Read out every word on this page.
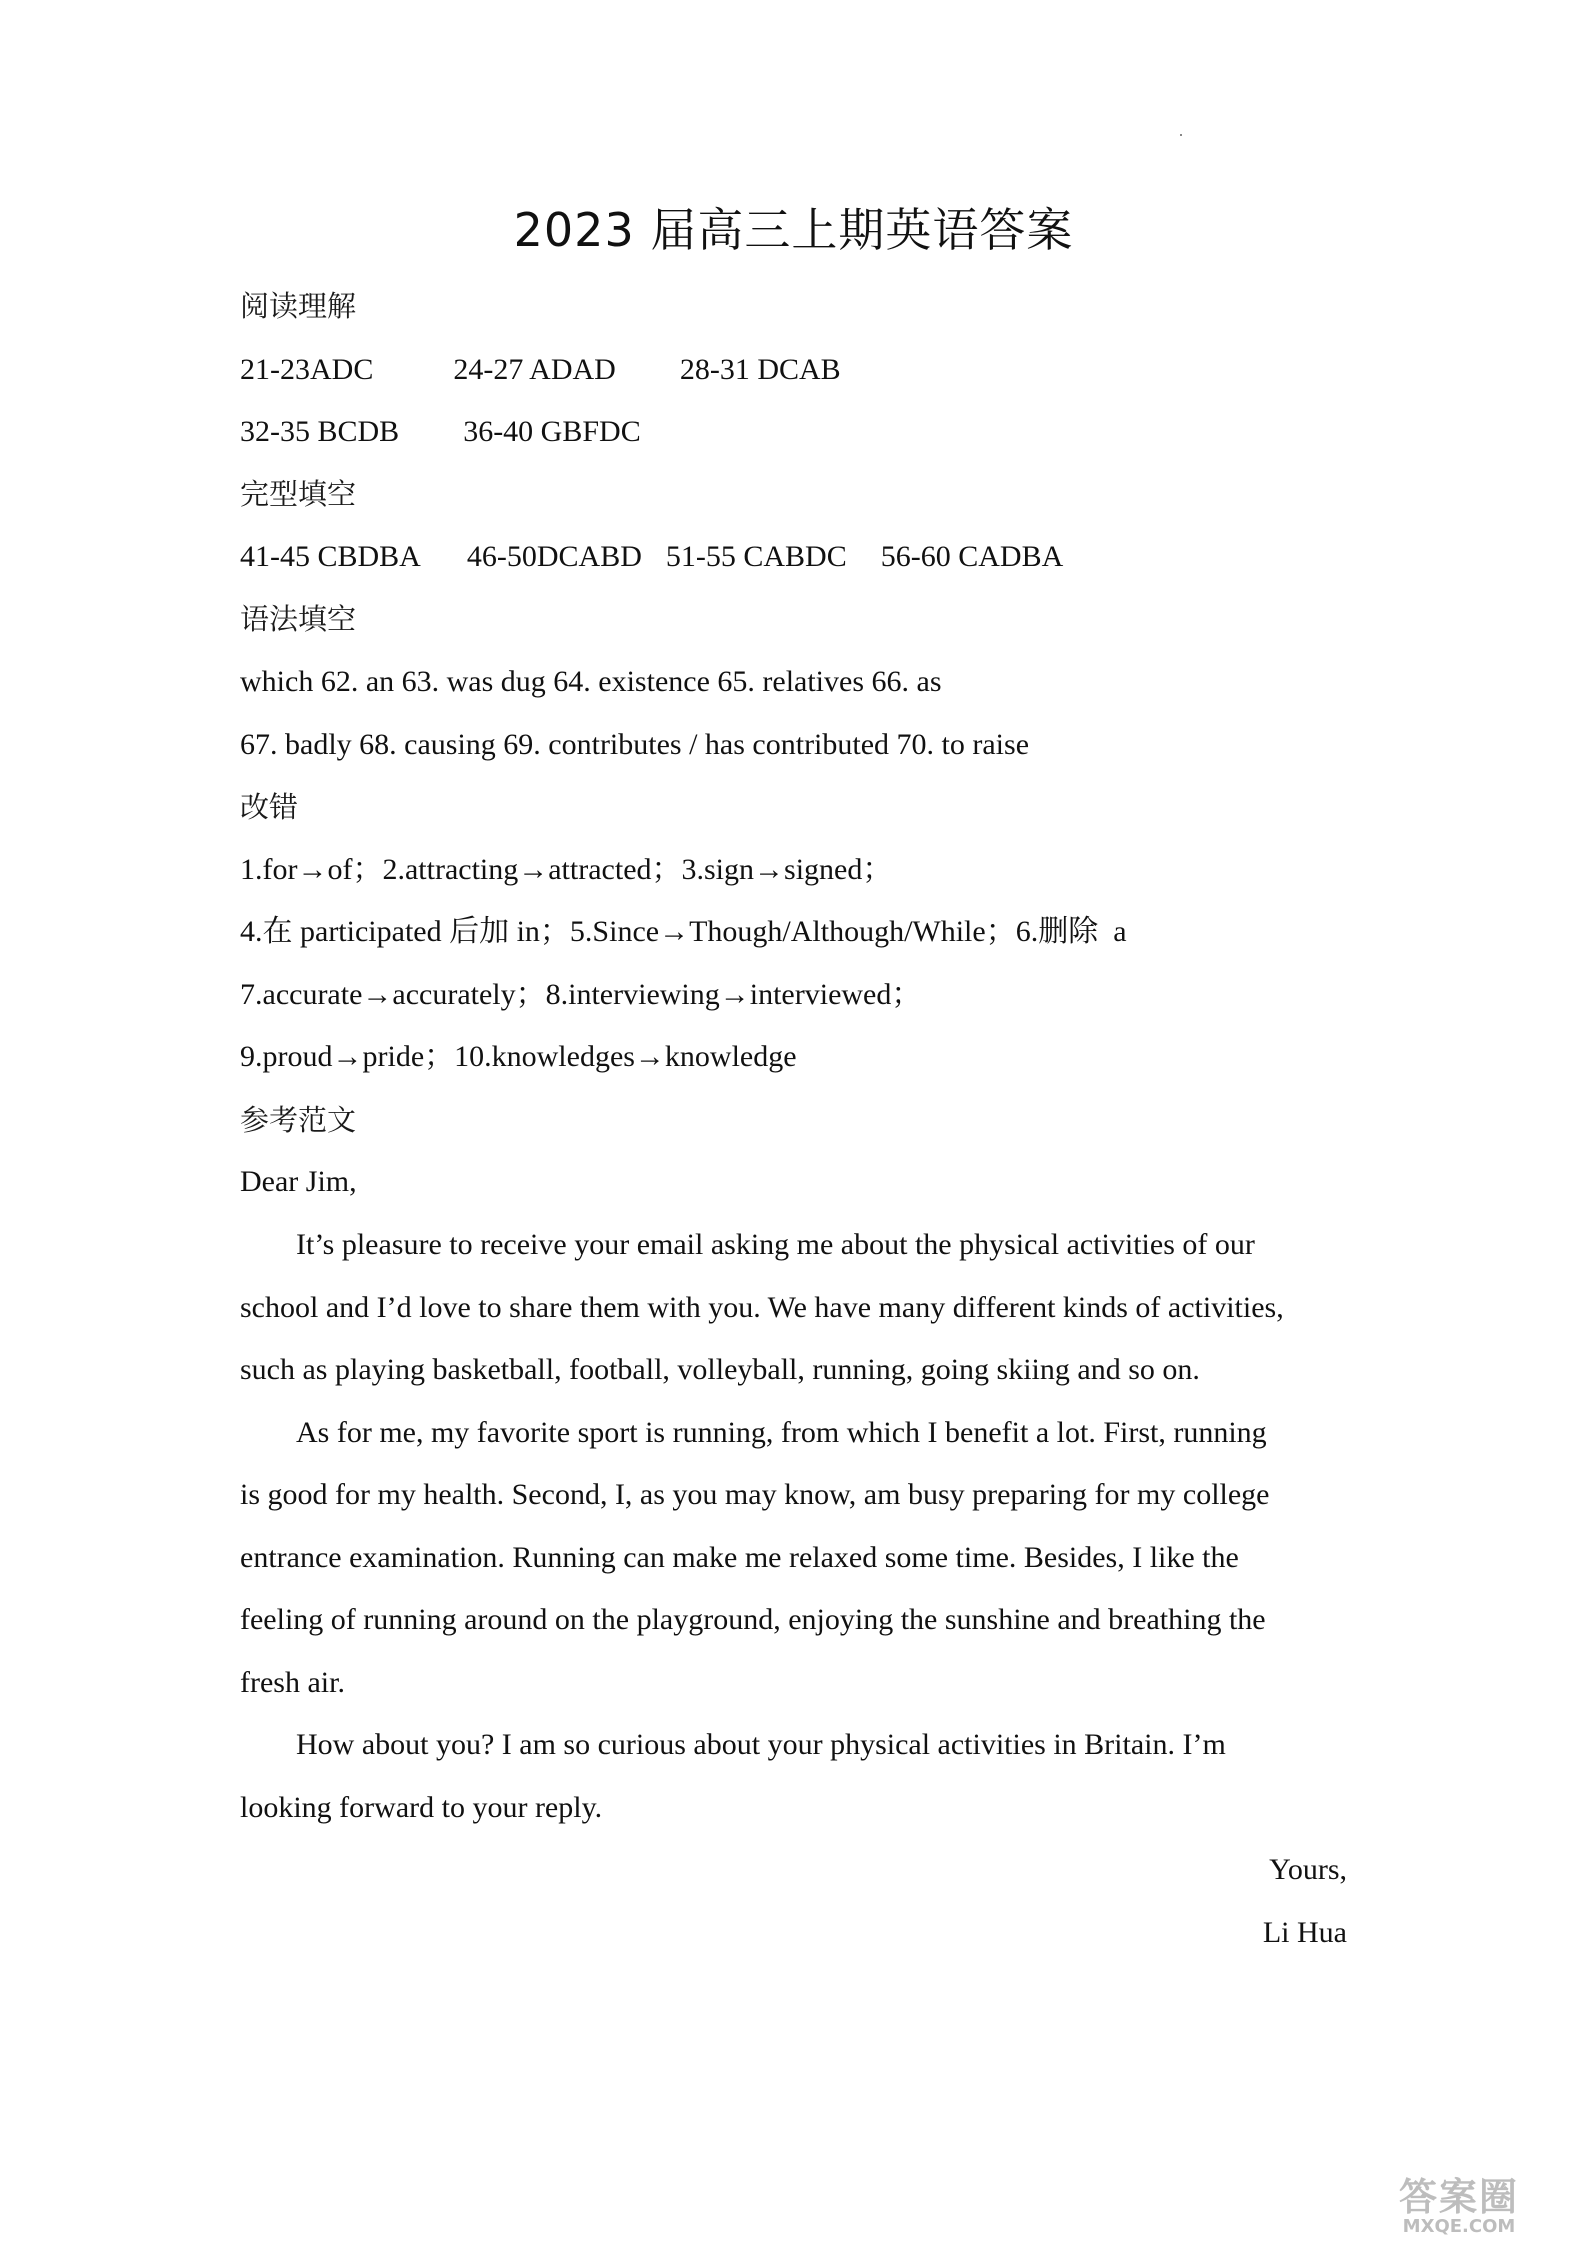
2023 届高三上期英语答案
阅读理解
21-23ADC	24-27 ADAD 28-31 DCAB
32-35 BCDB 36-40 GBFDC
完型填空
41-45 CBDBA 46-50DCABD 51-55 CABDC 56-60 CADBA
语法填空
which 62. an 63. was dug 64. existence 65. relatives 66. as
67. badly 68. causing 69. contributes / has contributed 70. to raise
改错
1.for→of；2.attracting→attracted；3.sign→signed；
4.在 participated 后加 in；5.Since→Though/Although/While；6.删除  a
7.accurate→accurately；8.interviewing→interviewed；
9.proud→pride；10.knowledges→knowledge
参考范文
Dear Jim,
It’s pleasure to receive your email asking me about the physical activities of our
school and I’d love to share them with you. We have many different kinds of activities,
such as playing basketball, football, volleyball, running, going skiing and so on.
As for me, my favorite sport is running, from which I benefit a lot. First, running
is good for my health. Second, I, as you may know, am busy preparing for my college
entrance examination. Running can make me relaxed some time. Besides, I like the
feeling of running around on the playground, enjoying the sunshine and breathing the
fresh air.
How about you? I am so curious about your physical activities in Britain. I’m
looking forward to your reply.
Yours,
Li Hua
答案圈
MXQE.COM
